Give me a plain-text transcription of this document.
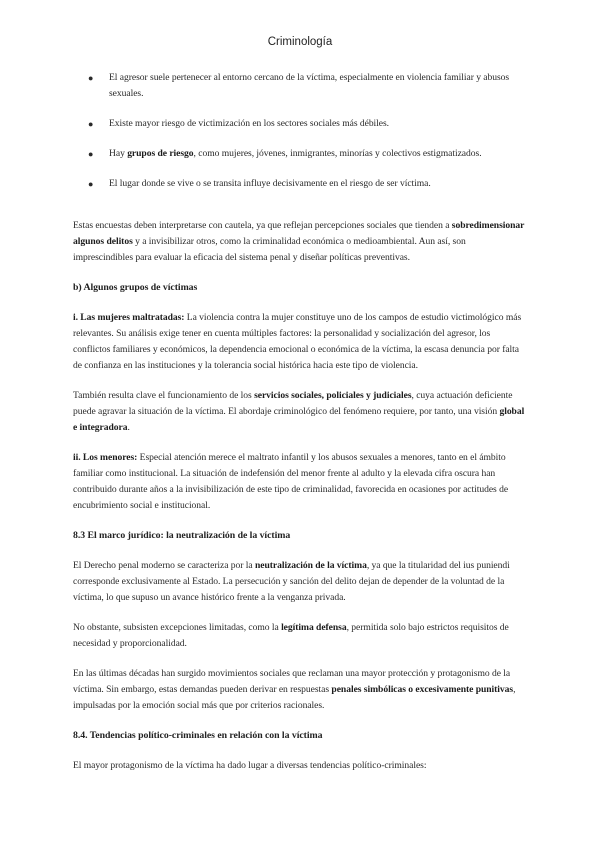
Criminología
● El agresor suele pertenecer al entorno cercano de la víctima, especialmente en violencia familiar y abusos sexuales.
● Existe mayor riesgo de victimización en los sectores sociales más débiles.
● Hay grupos de riesgo, como mujeres, jóvenes, inmigrantes, minorías y colectivos estigmatizados.
● El lugar donde se vive o se transita influye decisivamente en el riesgo de ser víctima.

Estas encuestas deben interpretarse con cautela, ya que reflejan percepciones sociales que tienden a sobredimensionar algunos delitos y a invisibilizar otros, como la criminalidad económica o medioambiental. Aun así, son imprescindibles para evaluar la eficacia del sistema penal y diseñar políticas preventivas.

b) Algunos grupos de víctimas

i. Las mujeres maltratadas: La violencia contra la mujer constituye uno de los campos de estudio victimológico más relevantes. Su análisis exige tener en cuenta múltiples factores: la personalidad y socialización del agresor, los conflictos familiares y económicos, la dependencia emocional o económica de la víctima, la escasa denuncia por falta de confianza en las instituciones y la tolerancia social histórica hacia este tipo de violencia.

También resulta clave el funcionamiento de los servicios sociales, policiales y judiciales, cuya actuación deficiente puede agravar la situación de la víctima. El abordaje criminológico del fenómeno requiere, por tanto, una visión global e integradora.

ii. Los menores: Especial atención merece el maltrato infantil y los abusos sexuales a menores, tanto en el ámbito familiar como institucional. La situación de indefensión del menor frente al adulto y la elevada cifra oscura han contribuido durante años a la invisibilización de este tipo de criminalidad, favorecida en ocasiones por actitudes de encubrimiento social e institucional.

8.3 El marco jurídico: la neutralización de la víctima

El Derecho penal moderno se caracteriza por la neutralización de la víctima, ya que la titularidad del ius puniendi corresponde exclusivamente al Estado. La persecución y sanción del delito dejan de depender de la voluntad de la víctima, lo que supuso un avance histórico frente a la venganza privada.

No obstante, subsisten excepciones limitadas, como la legítima defensa, permitida solo bajo estrictos requisitos de necesidad y proporcionalidad.

En las últimas décadas han surgido movimientos sociales que reclaman una mayor protección y protagonismo de la víctima. Sin embargo, estas demandas pueden derivar en respuestas penales simbólicas o excesivamente punitivas, impulsadas por la emoción social más que por criterios racionales.

8.4. Tendencias político-criminales en relación con la víctima

El mayor protagonismo de la víctima ha dado lugar a diversas tendencias político-criminales:
